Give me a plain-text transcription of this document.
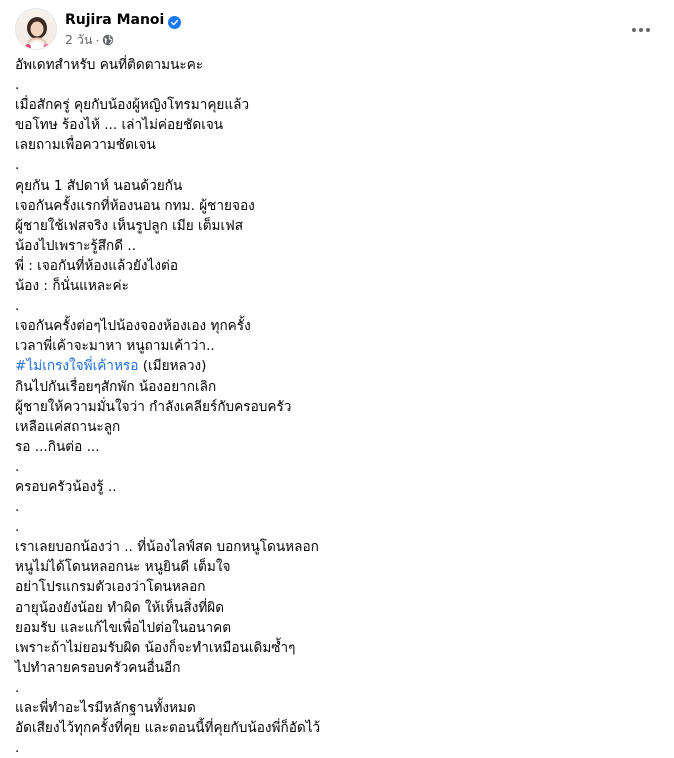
Rujira Manoi
2 วัน ·
อัพเดทสำหรับ คนที่ติดตามนะคะ
.
เมื่อสักครู่ คุยกับน้องผู้หญิงโทรมาคุยแล้ว
ขอโทษ ร้องไห้ ... เล่าไม่ค่อยชัดเจน
เลยถามเพื่อความชัดเจน
.
คุยกัน 1 สัปดาห์ นอนด้วยกัน
เจอกันครั้งแรกที่ห้องนอน กทม. ผู้ชายจอง
ผู้ชายใช้เฟสจริง เห็นรูปลูก เมีย เต็มเฟส
น้องไปเพราะรู้สึกดี ..
พี่ : เจอกันที่ห้องแล้วยังไงต่อ
น้อง : ก็นั่นแหละค่ะ
.
เจอกันครั้งต่อๆไปน้องจองห้องเอง ทุกครั้ง
เวลาพี่เค้าจะมาหา หนูถามเค้าว่า..
#ไม่เกรงใจพี่เค้าหรอ (เมียหลวง)
กินไปกันเรื่อยๆสักพัก น้องอยากเลิก
ผู้ชายให้ความมั่นใจว่า กำลังเคลียร์กับครอบครัว
เหลือแค่สถานะลูก
รอ ...กินต่อ ...
.
ครอบครัวน้องรู้ ..
.
.
เราเลยบอกน้องว่า .. ที่น้องไลฟ์สด บอกหนูโดนหลอก
หนูไม่ได้โดนหลอกนะ หนูยินดี เต็มใจ
อย่าโปรแกรมตัวเองว่าโดนหลอก
อายุน้องยังน้อย ทำผิด ให้เห็นสิ่งที่ผิด
ยอมรับ และแก้ไขเพื่อไปต่อในอนาคต
เพราะถ้าไม่ยอมรับผิด น้องก็จะทำเหมือนเดิมซ้ำๆ
ไปทำลายครอบครัวคนอื่นอีก
.
และพี่ทำอะไรมีหลักฐานทั้งหมด
อัดเสียงไว้ทุกครั้งที่คุย และตอนนี้ที่คุยกับน้องพี่ก็อัดไว้
.
